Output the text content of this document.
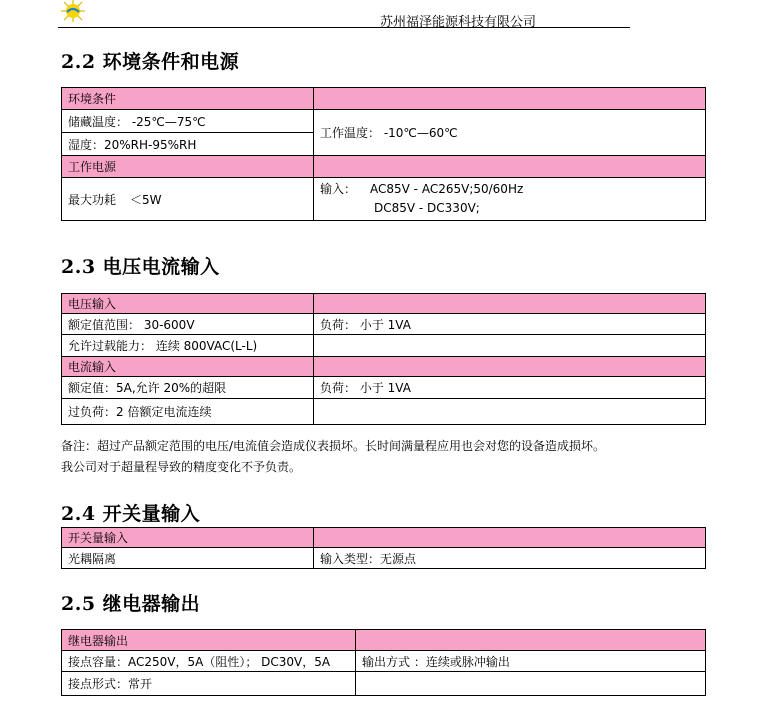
苏州福泽能源科技有限公司
2.2 环境条件和电源
环境条件	
储藏温度： -25℃—75℃	工作温度： -10℃—60℃
湿度：20%RH-95%RH	
工作电源	
最大功耗 ＜5W	输入： AC85V - AC265V;50/60Hz
DC85V - DC330V;
2.3 电压电流输入
电压输入	
额定值范围： 30-600V	负荷： 小于 1VA
允许过载能力： 连续 800VAC(L-L)	
电流输入	
额定值：5A,允许 20%的超限	负荷： 小于 1VA
过负荷：2 倍额定电流连续	
备注：超过产品额定范围的电压/电流值会造成仪表损坏。长时间满量程应用也会对您的设备造成损坏。
我公司对于超量程导致的精度变化不予负责。
2.4 开关量输入
开关量输入	
光耦隔离	输入类型：无源点
2.5 继电器输出
继电器输出	
接点容量：AC250V，5A（阻性）； DC30V，5A	输出方式 ：连续或脉冲输出
接点形式：常开	
